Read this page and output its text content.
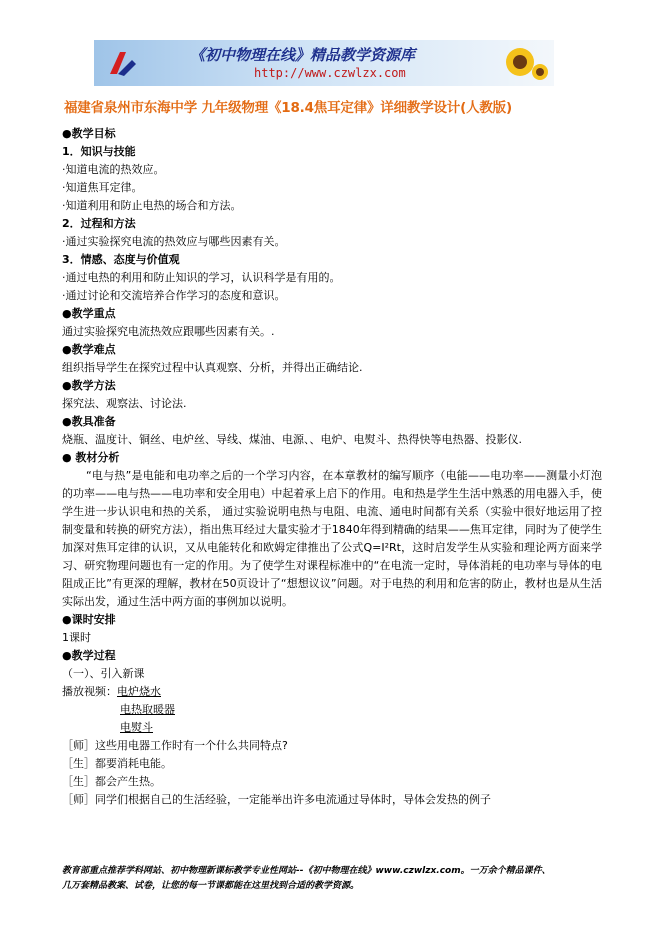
《初中物理在线》精品教学资源库
http://www.czwlzx.com
福建省泉州市东海中学 九年级物理《18.4焦耳定律》详细教学设计(人教版)

●教学目标

1．知识与技能

·知道电流的热效应。

·知道焦耳定律。

·知道利用和防止电热的场合和方法。

2．过程和方法

·通过实验探究电流的热效应与哪些因素有关。

3．情感、态度与价值观

·通过电热的利用和防止知识的学习，认识科学是有用的。

·通过讨论和交流培养合作学习的态度和意识。

●教学重点

通过实验探究电流热效应跟哪些因素有关。.

●教学难点

组织指导学生在探究过程中认真观察、分析，并得出正确结论.

●教学方法

探究法、观察法、讨论法.

●教具准备

烧瓶、温度计、铜丝、电炉丝、导线、煤油、电源、、电炉、电熨斗、热得快等电热器、投影仪.

● 教材分析

“电与热”是电能和电功率之后的一个学习内容，在本章教材的编写顺序（电能——电功率——测量小灯泡的功率——电与热——电功率和安全用电）中起着承上启下的作用。电和热是学生生活中熟悉的用电器入手，使学生进一步认识电和热的关系， 通过实验说明电热与电阻、电流、通电时间都有关系（实验中很好地运用了控制变量和转换的研究方法），指出焦耳经过大量实验才于1840年得到精确的结果——焦耳定律，同时为了使学生加深对焦耳定律的认识，又从电能转化和欧姆定律推出了公式Q=I²Rt，这时启发学生从实验和理论两方面来学习、研究物理问题也有一定的作用。为了使学生对课程标准中的“在电流一定时，导体消耗的电功率与导体的电阻成正比”有更深的理解，教材在50页设计了“想想议议”问题。对于电热的利用和危害的防止，教材也是从生活实际出发，通过生活中两方面的事例加以说明。

●课时安排

1课时

●教学过程

（一）、引入新课

播放视频：电炉烧水

电热取暖器

电熨斗

［师］这些用电器工作时有一个什么共同特点?

［生］都要消耗电能。

［生］都会产生热。

［师］同学们根据自己的生活经验，一定能举出许多电流通过导体时，导体会发热的例子

教育部重点推荐学科网站、初中物理新课标教学专业性网站--《初中物理在线》www.czwlzx.com。一万余个精品课件、

几万套精品教案、试卷，让您的每一节课都能在这里找到合适的教学资源。
